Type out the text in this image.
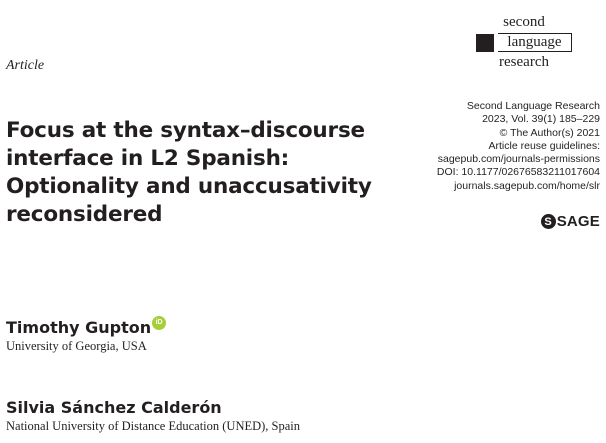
Article
second
language
research
Second Language Research
2023, Vol. 39(1) 185–229
© The Author(s) 2021
Article reuse guidelines:
sagepub.com/journals-permissions
DOI: 10.1177/02676583211017604
journals.sagepub.com/home/slr
S SAGE
Focus at the syntax–discourse interface in L2 Spanish: Optionality and unaccusativity reconsidered
Timothy Gupton iD
University of Georgia, USA
Silvia Sánchez Calderón
National University of Distance Education (UNED), Spain
